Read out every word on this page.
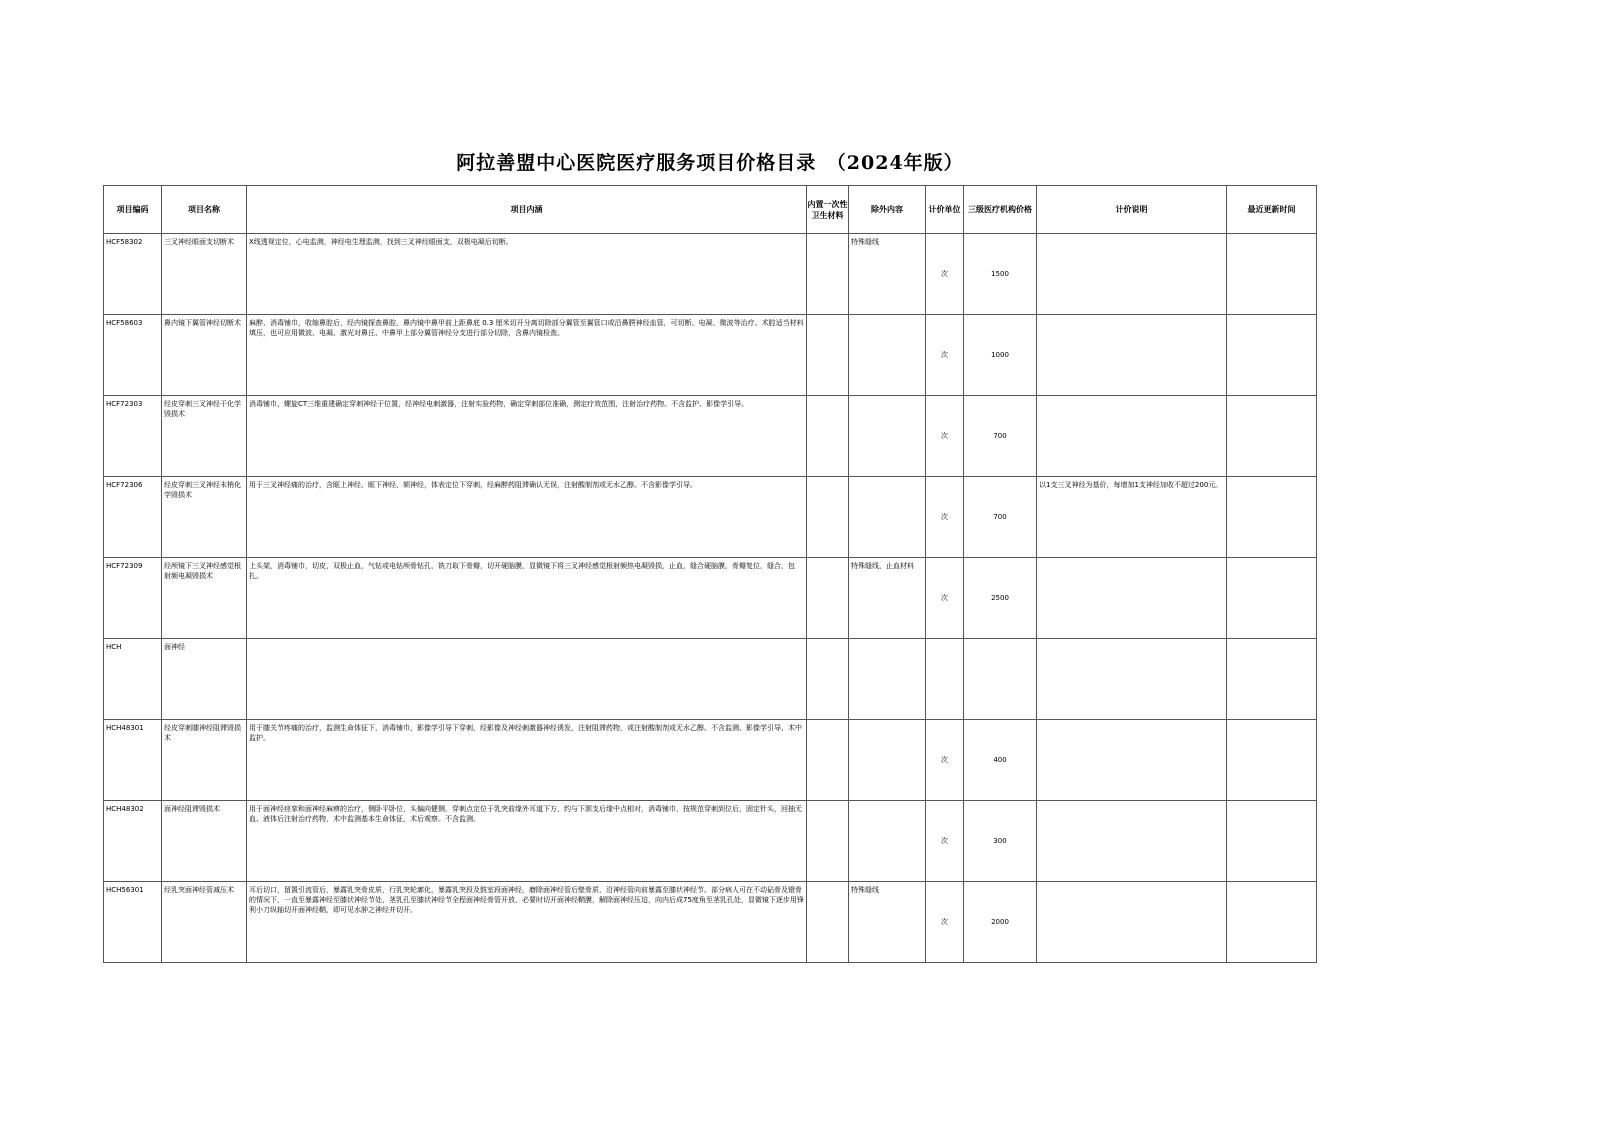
阿拉善盟中心医院医疗服务项目价格目录　（2024年版）
项目编码	项目名称	项目内涵	内置一次性卫生材料	除外内容	计价单位	三级医疗机构价格	计价说明	最近更新时间
HCF58302	三叉神经眼面支切断术	X线透视定位，心电监测，神经电生理监测，找到三叉神经眼面支，双极电凝后切断。		特殊缝线	次	1500		
HCF58603	鼻内镜下翼管神经切断术	麻醉，消毒铺巾，收缩鼻腔后，经内镜探查鼻腔，鼻内镜中鼻甲前上距鼻底 0.3 厘米切开分离切除部分翼管至翼管口或沿鼻腭神经血管，可切断、电凝、微波等治疗。术腔适当材料填压，也可应用微波、电凝、激光对鼻丘、中鼻甲上部分翼管神经分支进行部分切除，含鼻内镜检查。			次	1000		
HCF72303	经皮穿刺三叉神经干化学毁损术	消毒铺巾，螺旋CT三维重建确定穿刺神经干位置，经神经电刺激器，注射实验药物，确定穿刺部位准确，测定疗效范围，注射治疗药物。不含监护、影像学引导。			次	700		
HCF72306	经皮穿刺三叉神经末梢化学毁损术	用于三叉神经痛的治疗，含眶上神经、眶下神经、颏神经，体表定位下穿刺，经麻醉药阻滞确认无误，注射酸制剂或无水乙醇。不含影像学引导。			次	700	以1支三叉神经为基价，每增加1支神经加收不超过200元。	
HCF72309	经颅镜下三叉神经感觉根射频电凝毁损术	上头架，消毒铺巾，切皮，双极止血，气钻或电钻颅骨钻孔，铣刀取下骨瓣，切开硬脑膜，显微镜下将三叉神经感觉根射频热电凝毁损，止血，缝合硬脑膜，骨瓣复位，缝合，包扎。		特殊缝线，止血材料	次	2500		
HCH	面神经							
HCH48301	经皮穿刺膝神经阻滞毁损术	用于膝关节疼痛的治疗，监测生命体征下，消毒铺巾，影像学引导下穿刺，经影像及神经刺激器神经诱发，注射阻滞药物，或注射酸制剂或无水乙醇。不含监测、影像学引导、术中监护。			次	400		
HCH48302	面神经阻滞毁损术	用于面神经痉挛和面神经麻痹的治疗，侧卧平卧位，头偏向健侧，穿刺点定位于乳突前缘外耳道下方，约与下颌支后缘中点相对，消毒铺巾，按规范穿刺到位后，固定针头，回抽无血、液体后注射治疗药物，术中监测基本生命体征，术后观察。不含监测。			次	300		
HCH56301	经乳突面神经管减压术	耳后切口，留置引流管后，暴露乳突骨皮质，行乳突轮廓化，暴露乳突段及鼓室段面神经，磨除面神经管后壁骨质，沿神经管向前暴露至膝状神经节。部分病人可在不动砧骨及镫骨的情况下，一直至暴露神经至膝状神经节处，茎乳孔至膝状神经节全程面神经骨管开放，必要时切开面神经鞘膜，解除面神经压迫，向内后成75度角至茎乳孔处，显微镜下逐步用锋利小刀纵轴切开面神经鞘，即可见水肿之神经并切开。		特殊缝线	次	2000		
